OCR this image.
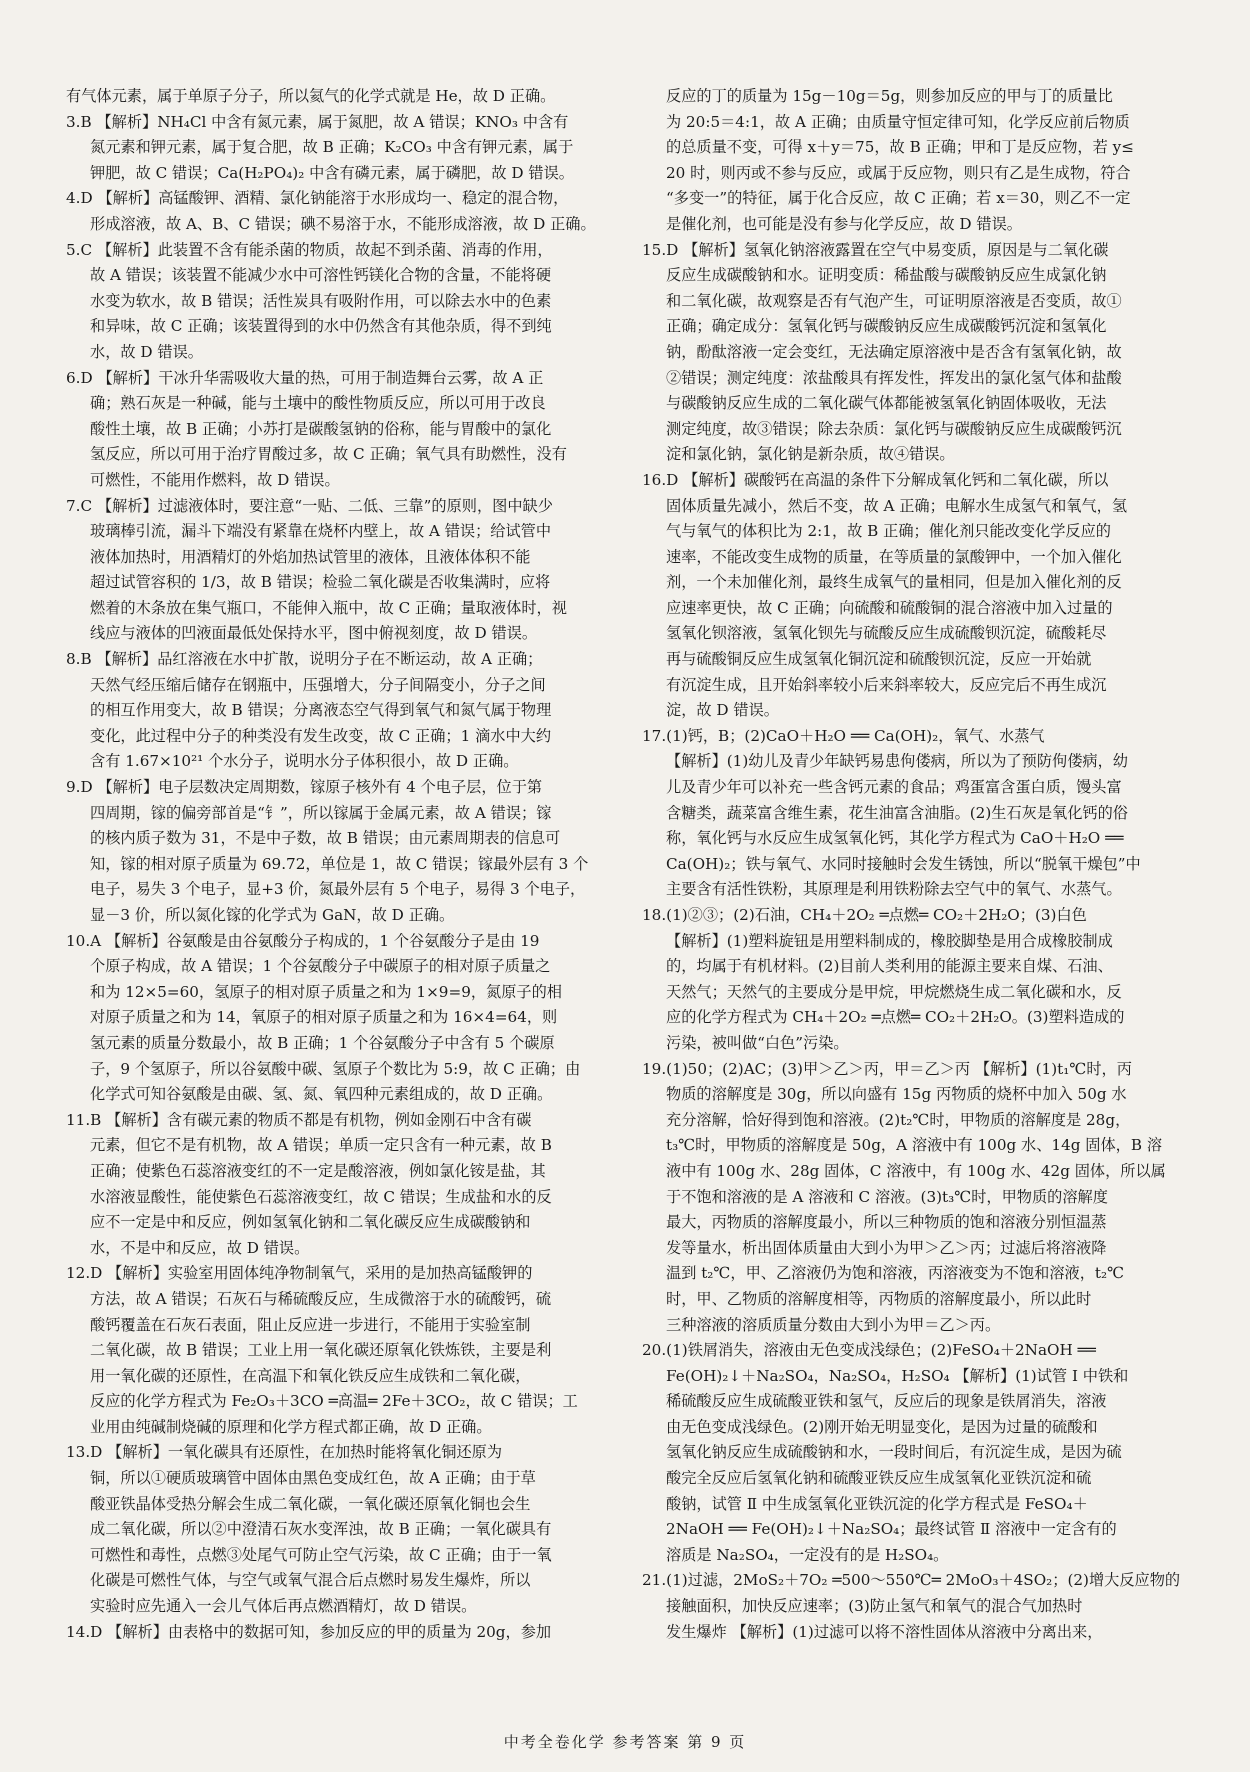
有气体元素，属于单原子分子，所以氦气的化学式就是 He，故 D 正确。
3.B 【解析】NH₄Cl 中含有氮元素，属于氮肥，故 A 错误；KNO₃ 中含有
氮元素和钾元素，属于复合肥，故 B 正确；K₂CO₃ 中含有钾元素，属于
钾肥，故 C 错误；Ca(H₂PO₄)₂ 中含有磷元素，属于磷肥，故 D 错误。
4.D 【解析】高锰酸钾、酒精、氯化钠能溶于水形成均一、稳定的混合物，
形成溶液，故 A、B、C 错误；碘不易溶于水，不能形成溶液，故 D 正确。
5.C 【解析】此装置不含有能杀菌的物质，故起不到杀菌、消毒的作用，
故 A 错误；该装置不能减少水中可溶性钙镁化合物的含量，不能将硬
水变为软水，故 B 错误；活性炭具有吸附作用，可以除去水中的色素
和异味，故 C 正确；该装置得到的水中仍然含有其他杂质，得不到纯
水，故 D 错误。
6.D 【解析】干冰升华需吸收大量的热，可用于制造舞台云雾，故 A 正
确；熟石灰是一种碱，能与土壤中的酸性物质反应，所以可用于改良
酸性土壤，故 B 正确；小苏打是碳酸氢钠的俗称，能与胃酸中的氯化
氢反应，所以可用于治疗胃酸过多，故 C 正确；氧气具有助燃性，没有
可燃性，不能用作燃料，故 D 错误。
7.C 【解析】过滤液体时，要注意“一贴、二低、三靠”的原则，图中缺少
玻璃棒引流，漏斗下端没有紧靠在烧杯内壁上，故 A 错误；给试管中
液体加热时，用酒精灯的外焰加热试管里的液体，且液体体积不能
超过试管容积的 1/3，故 B 错误；检验二氧化碳是否收集满时，应将
燃着的木条放在集气瓶口，不能伸入瓶中，故 C 正确；量取液体时，视
线应与液体的凹液面最低处保持水平，图中俯视刻度，故 D 错误。
8.B 【解析】品红溶液在水中扩散，说明分子在不断运动，故 A 正确；
天然气经压缩后储存在钢瓶中，压强增大，分子间隔变小，分子之间
的相互作用变大，故 B 错误；分离液态空气得到氧气和氮气属于物理
变化，此过程中分子的种类没有发生改变，故 C 正确；1 滴水中大约
含有 1.67×10²¹ 个水分子，说明水分子体积很小，故 D 正确。
9.D 【解析】电子层数决定周期数，镓原子核外有 4 个电子层，位于第
四周期，镓的偏旁部首是“钅”，所以镓属于金属元素，故 A 错误；镓
的核内质子数为 31，不是中子数，故 B 错误；由元素周期表的信息可
知，镓的相对原子质量为 69.72，单位是 1，故 C 错误；镓最外层有 3 个
电子，易失 3 个电子，显+3 价，氮最外层有 5 个电子，易得 3 个电子，
显－3 价，所以氮化镓的化学式为 GaN，故 D 正确。
10.A 【解析】谷氨酸是由谷氨酸分子构成的，1 个谷氨酸分子是由 19
个原子构成，故 A 错误；1 个谷氨酸分子中碳原子的相对原子质量之
和为 12×5=60，氢原子的相对原子质量之和为 1×9=9，氮原子的相
对原子质量之和为 14，氧原子的相对原子质量之和为 16×4=64，则
氢元素的质量分数最小，故 B 正确；1 个谷氨酸分子中含有 5 个碳原
子，9 个氢原子，所以谷氨酸中碳、氢原子个数比为 5:9，故 C 正确；由
化学式可知谷氨酸是由碳、氢、氮、氧四种元素组成的，故 D 正确。
11.B 【解析】含有碳元素的物质不都是有机物，例如金刚石中含有碳
元素，但它不是有机物，故 A 错误；单质一定只含有一种元素，故 B
正确；使紫色石蕊溶液变红的不一定是酸溶液，例如氯化铵是盐，其
水溶液显酸性，能使紫色石蕊溶液变红，故 C 错误；生成盐和水的反
应不一定是中和反应，例如氢氧化钠和二氧化碳反应生成碳酸钠和
水，不是中和反应，故 D 错误。
12.D 【解析】实验室用固体纯净物制氧气，采用的是加热高锰酸钾的
方法，故 A 错误；石灰石与稀硫酸反应，生成微溶于水的硫酸钙，硫
酸钙覆盖在石灰石表面，阻止反应进一步进行，不能用于实验室制
二氧化碳，故 B 错误；工业上用一氧化碳还原氧化铁炼铁，主要是利
用一氧化碳的还原性，在高温下和氧化铁反应生成铁和二氧化碳，
反应的化学方程式为 Fe₂O₃＋3CO ═高温═ 2Fe＋3CO₂，故 C 错误；工
业用由纯碱制烧碱的原理和化学方程式都正确，故 D 正确。
13.D 【解析】一氧化碳具有还原性，在加热时能将氧化铜还原为
铜，所以①硬质玻璃管中固体由黑色变成红色，故 A 正确；由于草
酸亚铁晶体受热分解会生成二氧化碳，一氧化碳还原氧化铜也会生
成二氧化碳，所以②中澄清石灰水变浑浊，故 B 正确；一氧化碳具有
可燃性和毒性，点燃③处尾气可防止空气污染，故 C 正确；由于一氧
化碳是可燃性气体，与空气或氧气混合后点燃时易发生爆炸，所以
实验时应先通入一会儿气体后再点燃酒精灯，故 D 错误。
14.D 【解析】由表格中的数据可知，参加反应的甲的质量为 20g，参加
反应的丁的质量为 15g－10g＝5g，则参加反应的甲与丁的质量比
为 20:5＝4:1，故 A 正确；由质量守恒定律可知，化学反应前后物质
的总质量不变，可得 x＋y＝75，故 B 正确；甲和丁是反应物，若 y≤
20 时，则丙或不参与反应，或属于反应物，则只有乙是生成物，符合
“多变一”的特征，属于化合反应，故 C 正确；若 x＝30，则乙不一定
是催化剂，也可能是没有参与化学反应，故 D 错误。
15.D 【解析】氢氧化钠溶液露置在空气中易变质，原因是与二氧化碳
反应生成碳酸钠和水。证明变质：稀盐酸与碳酸钠反应生成氯化钠
和二氧化碳，故观察是否有气泡产生，可证明原溶液是否变质，故①
正确；确定成分：氢氧化钙与碳酸钠反应生成碳酸钙沉淀和氢氧化
钠，酚酞溶液一定会变红，无法确定原溶液中是否含有氢氧化钠，故
②错误；测定纯度：浓盐酸具有挥发性，挥发出的氯化氢气体和盐酸
与碳酸钠反应生成的二氧化碳气体都能被氢氧化钠固体吸收，无法
测定纯度，故③错误；除去杂质：氯化钙与碳酸钠反应生成碳酸钙沉
淀和氯化钠，氯化钠是新杂质，故④错误。
16.D 【解析】碳酸钙在高温的条件下分解成氧化钙和二氧化碳，所以
固体质量先减小，然后不变，故 A 正确；电解水生成氢气和氧气，氢
气与氧气的体积比为 2:1，故 B 正确；催化剂只能改变化学反应的
速率，不能改变生成物的质量，在等质量的氯酸钾中，一个加入催化
剂，一个未加催化剂，最终生成氧气的量相同，但是加入催化剂的反
应速率更快，故 C 正确；向硫酸和硫酸铜的混合溶液中加入过量的
氢氧化钡溶液，氢氧化钡先与硫酸反应生成硫酸钡沉淀，硫酸耗尽
再与硫酸铜反应生成氢氧化铜沉淀和硫酸钡沉淀，反应一开始就
有沉淀生成，且开始斜率较小后来斜率较大，反应完后不再生成沉
淀，故 D 错误。
17.(1)钙，B；(2)CaO＋H₂O ══ Ca(OH)₂，氧气、水蒸气
【解析】(1)幼儿及青少年缺钙易患佝偻病，所以为了预防佝偻病，幼
儿及青少年可以补充一些含钙元素的食品；鸡蛋富含蛋白质，馒头富
含糖类，蔬菜富含维生素，花生油富含油脂。(2)生石灰是氧化钙的俗
称，氧化钙与水反应生成氢氧化钙，其化学方程式为 CaO＋H₂O ══
Ca(OH)₂；铁与氧气、水同时接触时会发生锈蚀，所以“脱氧干燥包”中
主要含有活性铁粉，其原理是利用铁粉除去空气中的氧气、水蒸气。
18.(1)②③；(2)石油，CH₄＋2O₂ ═点燃═ CO₂＋2H₂O；(3)白色
【解析】(1)塑料旋钮是用塑料制成的，橡胶脚垫是用合成橡胶制成
的，均属于有机材料。(2)目前人类利用的能源主要来自煤、石油、
天然气；天然气的主要成分是甲烷，甲烷燃烧生成二氧化碳和水，反
应的化学方程式为 CH₄＋2O₂ ═点燃═ CO₂＋2H₂O。(3)塑料造成的
污染，被叫做“白色”污染。
19.(1)50；(2)AC；(3)甲＞乙＞丙，甲＝乙＞丙 【解析】(1)t₁℃时，丙
物质的溶解度是 30g，所以向盛有 15g 丙物质的烧杯中加入 50g 水
充分溶解，恰好得到饱和溶液。(2)t₂℃时，甲物质的溶解度是 28g，
t₃℃时，甲物质的溶解度是 50g，A 溶液中有 100g 水、14g 固体，B 溶
液中有 100g 水、28g 固体，C 溶液中，有 100g 水、42g 固体，所以属
于不饱和溶液的是 A 溶液和 C 溶液。(3)t₃℃时，甲物质的溶解度
最大，丙物质的溶解度最小，所以三种物质的饱和溶液分别恒温蒸
发等量水，析出固体质量由大到小为甲＞乙＞丙；过滤后将溶液降
温到 t₂℃，甲、乙溶液仍为饱和溶液，丙溶液变为不饱和溶液，t₂℃
时，甲、乙物质的溶解度相等，丙物质的溶解度最小，所以此时
三种溶液的溶质质量分数由大到小为甲＝乙＞丙。
20.(1)铁屑消失，溶液由无色变成浅绿色；(2)FeSO₄＋2NaOH ══
Fe(OH)₂↓＋Na₂SO₄，Na₂SO₄，H₂SO₄ 【解析】(1)试管 Ⅰ 中铁和
稀硫酸反应生成硫酸亚铁和氢气，反应后的现象是铁屑消失，溶液
由无色变成浅绿色。(2)刚开始无明显变化，是因为过量的硫酸和
氢氧化钠反应生成硫酸钠和水，一段时间后，有沉淀生成，是因为硫
酸完全反应后氢氧化钠和硫酸亚铁反应生成氢氧化亚铁沉淀和硫
酸钠，试管 Ⅱ 中生成氢氧化亚铁沉淀的化学方程式是 FeSO₄＋
2NaOH ══ Fe(OH)₂↓＋Na₂SO₄；最终试管 Ⅱ 溶液中一定含有的
溶质是 Na₂SO₄，一定没有的是 H₂SO₄。
21.(1)过滤，2MoS₂＋7O₂ ═500～550℃═ 2MoO₃＋4SO₂；(2)增大反应物的
接触面积，加快反应速率；(3)防止氢气和氧气的混合气加热时
发生爆炸 【解析】(1)过滤可以将不溶性固体从溶液中分离出来，
中考全卷化学 参考答案 第 9 页
